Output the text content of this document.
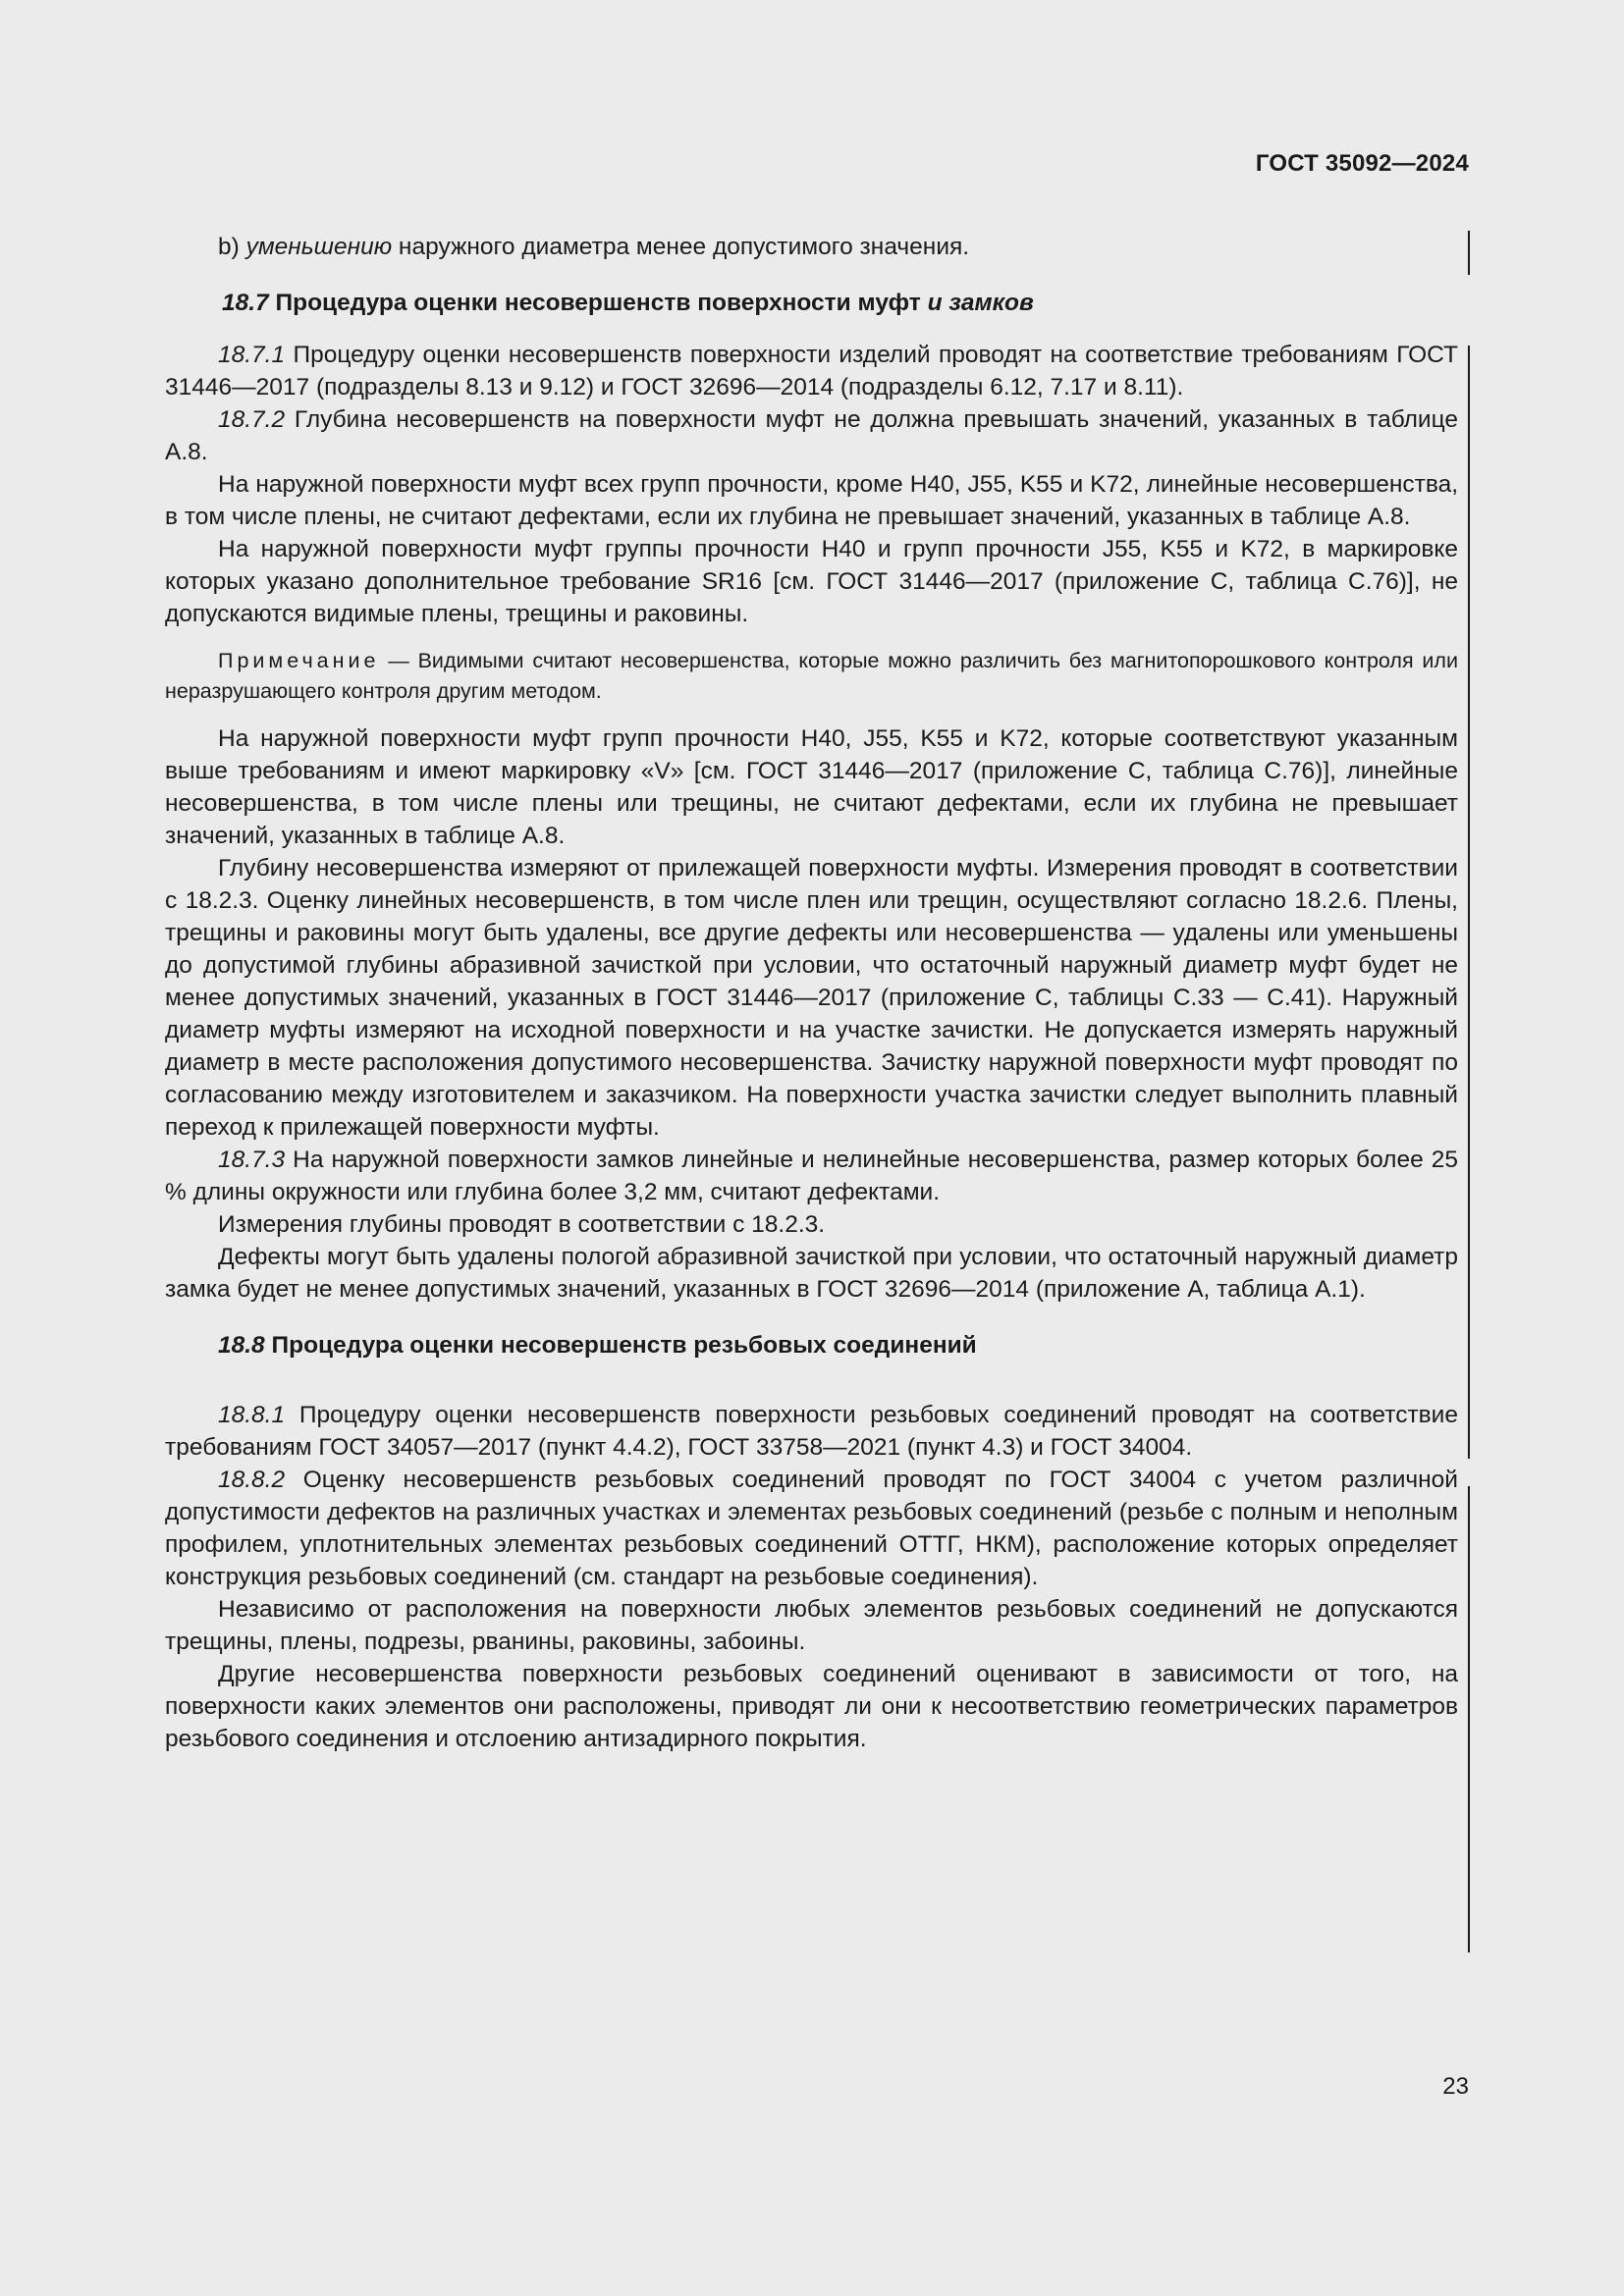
ГОСТ 35092—2024

b) уменьшению наружного диаметра менее допустимого значения.

18.7 Процедура оценки несовершенств поверхности муфт и замков

18.7.1 Процедуру оценки несовершенств поверхности изделий проводят на соответствие требованиям ГОСТ 31446—2017 (подразделы 8.13 и 9.12) и ГОСТ 32696—2014 (подразделы 6.12, 7.17 и 8.11).

18.7.2 Глубина несовершенств на поверхности муфт не должна превышать значений, указанных в таблице А.8.

На наружной поверхности муфт всех групп прочности, кроме H40, J55, K55 и K72, линейные несовершенства, в том числе плены, не считают дефектами, если их глубина не превышает значений, указанных в таблице А.8.

На наружной поверхности муфт группы прочности H40 и групп прочности J55, K55 и K72, в маркировке которых указано дополнительное требование SR16 [см. ГОСТ 31446—2017 (приложение С, таблица С.76)], не допускаются видимые плены, трещины и раковины.

Примечание — Видимыми считают несовершенства, которые можно различить без магнитопорошкового контроля или неразрушающего контроля другим методом.

На наружной поверхности муфт групп прочности H40, J55, K55 и K72, которые соответствуют указанным выше требованиям и имеют маркировку «V» [см. ГОСТ 31446—2017 (приложение С, таблица С.76)], линейные несовершенства, в том числе плены или трещины, не считают дефектами, если их глубина не превышает значений, указанных в таблице А.8.

Глубину несовершенства измеряют от прилежащей поверхности муфты. Измерения проводят в соответствии с 18.2.3. Оценку линейных несовершенств, в том числе плен или трещин, осуществляют согласно 18.2.6. Плены, трещины и раковины могут быть удалены, все другие дефекты или несовершенства — удалены или уменьшены до допустимой глубины абразивной зачисткой при условии, что остаточный наружный диаметр муфт будет не менее допустимых значений, указанных в ГОСТ 31446—2017 (приложение С, таблицы С.33 — С.41). Наружный диаметр муфты измеряют на исходной поверхности и на участке зачистки. Не допускается измерять наружный диаметр в месте расположения допустимого несовершенства. Зачистку наружной поверхности муфт проводят по согласованию между изготовителем и заказчиком. На поверхности участка зачистки следует выполнить плавный переход к прилежащей поверхности муфты.

18.7.3 На наружной поверхности замков линейные и нелинейные несовершенства, размер которых более 25 % длины окружности или глубина более 3,2 мм, считают дефектами.

Измерения глубины проводят в соответствии с 18.2.3.

Дефекты могут быть удалены пологой абразивной зачисткой при условии, что остаточный наружный диаметр замка будет не менее допустимых значений, указанных в ГОСТ 32696—2014 (приложение А, таблица А.1).

18.8 Процедура оценки несовершенств резьбовых соединений

18.8.1 Процедуру оценки несовершенств поверхности резьбовых соединений проводят на соответствие требованиям ГОСТ 34057—2017 (пункт 4.4.2), ГОСТ 33758—2021 (пункт 4.3) и ГОСТ 34004.

18.8.2 Оценку несовершенств резьбовых соединений проводят по ГОСТ 34004 с учетом различной допустимости дефектов на различных участках и элементах резьбовых соединений (резьбе с полным и неполным профилем, уплотнительных элементах резьбовых соединений ОТТГ, НКМ), расположение которых определяет конструкция резьбовых соединений (см. стандарт на резьбовые соединения).

Независимо от расположения на поверхности любых элементов резьбовых соединений не допускаются трещины, плены, подрезы, рванины, раковины, забоины.

Другие несовершенства поверхности резьбовых соединений оценивают в зависимости от того, на поверхности каких элементов они расположены, приводят ли они к несоответствию геометрических параметров резьбового соединения и отслоению антизадирного покрытия.

23
